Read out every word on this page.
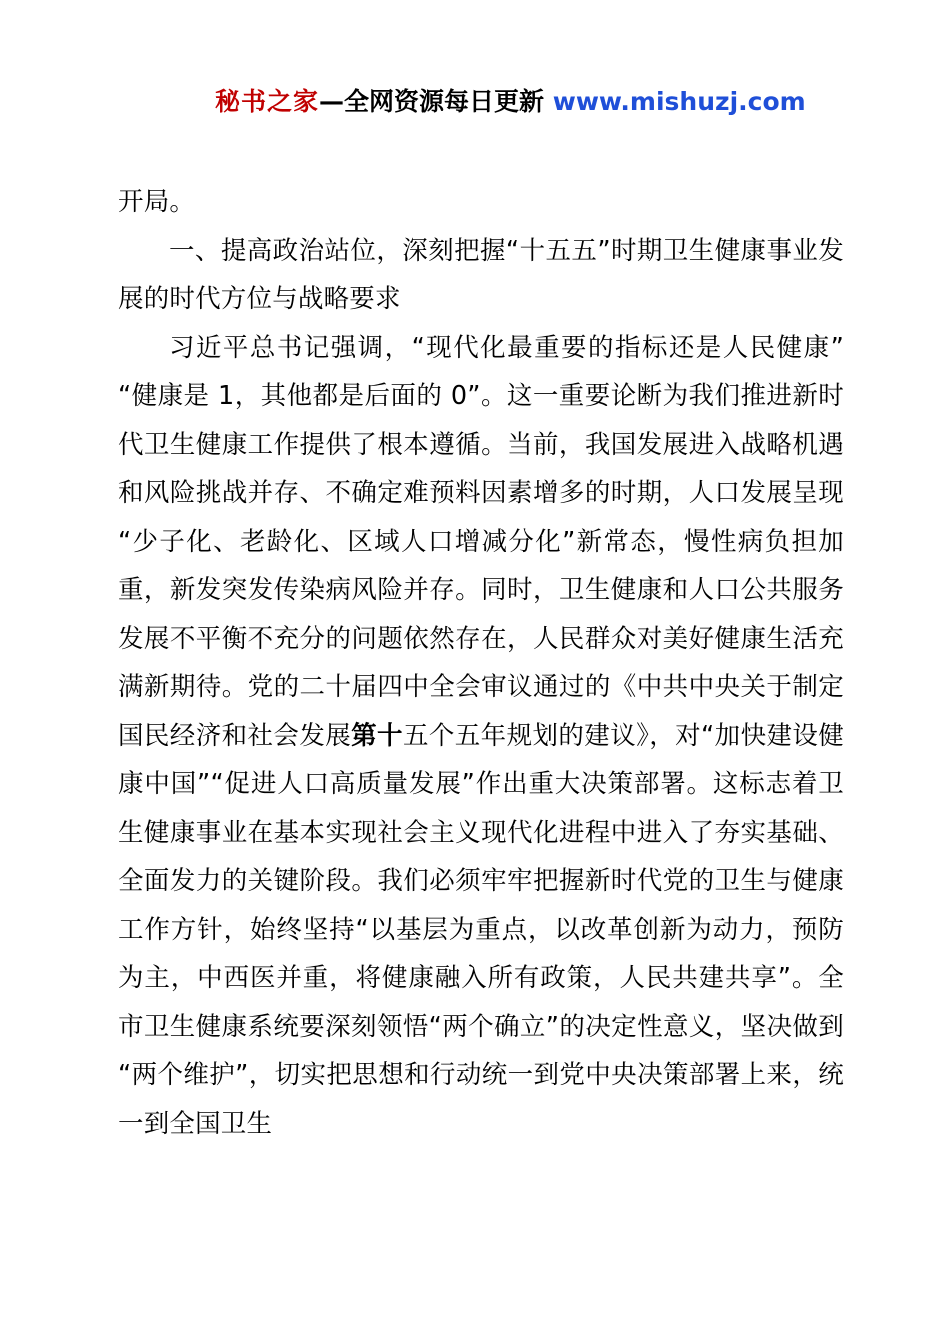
秘书之家—全网资源每日更新 www.mishuzj.com

开局。

一、提高政治站位，深刻把握“十五五”时期卫生健康事业发展的时代方位与战略要求

习近平总书记强调，“现代化最重要的指标还是人民健康”“健康是 1，其他都是后面的 0”。这一重要论断为我们推进新时代卫生健康工作提供了根本遵循。当前，我国发展进入战略机遇和风险挑战并存、不确定难预料因素增多的时期，人口发展呈现“少子化、老龄化、区域人口增减分化”新常态，慢性病负担加重，新发突发传染病风险并存。同时，卫生健康和人口公共服务发展不平衡不充分的问题依然存在，人民群众对美好健康生活充满新期待。党的二十届四中全会审议通过的《中共中央关于制定国民经济和社会发展第十五个五年规划的建议》，对“加快建设健康中国”“促进人口高质量发展”作出重大决策部署。这标志着卫生健康事业在基本实现社会主义现代化进程中进入了夯实基础、全面发力的关键阶段。我们必须牢牢把握新时代党的卫生与健康工作方针，始终坚持“以基层为重点，以改革创新为动力，预防为主，中西医并重，将健康融入所有政策，人民共建共享”。全市卫生健康系统要深刻领悟“两个确立”的决定性意义，坚决做到“两个维护”，切实把思想和行动统一到党中央决策部署上来，统一到全国卫生
